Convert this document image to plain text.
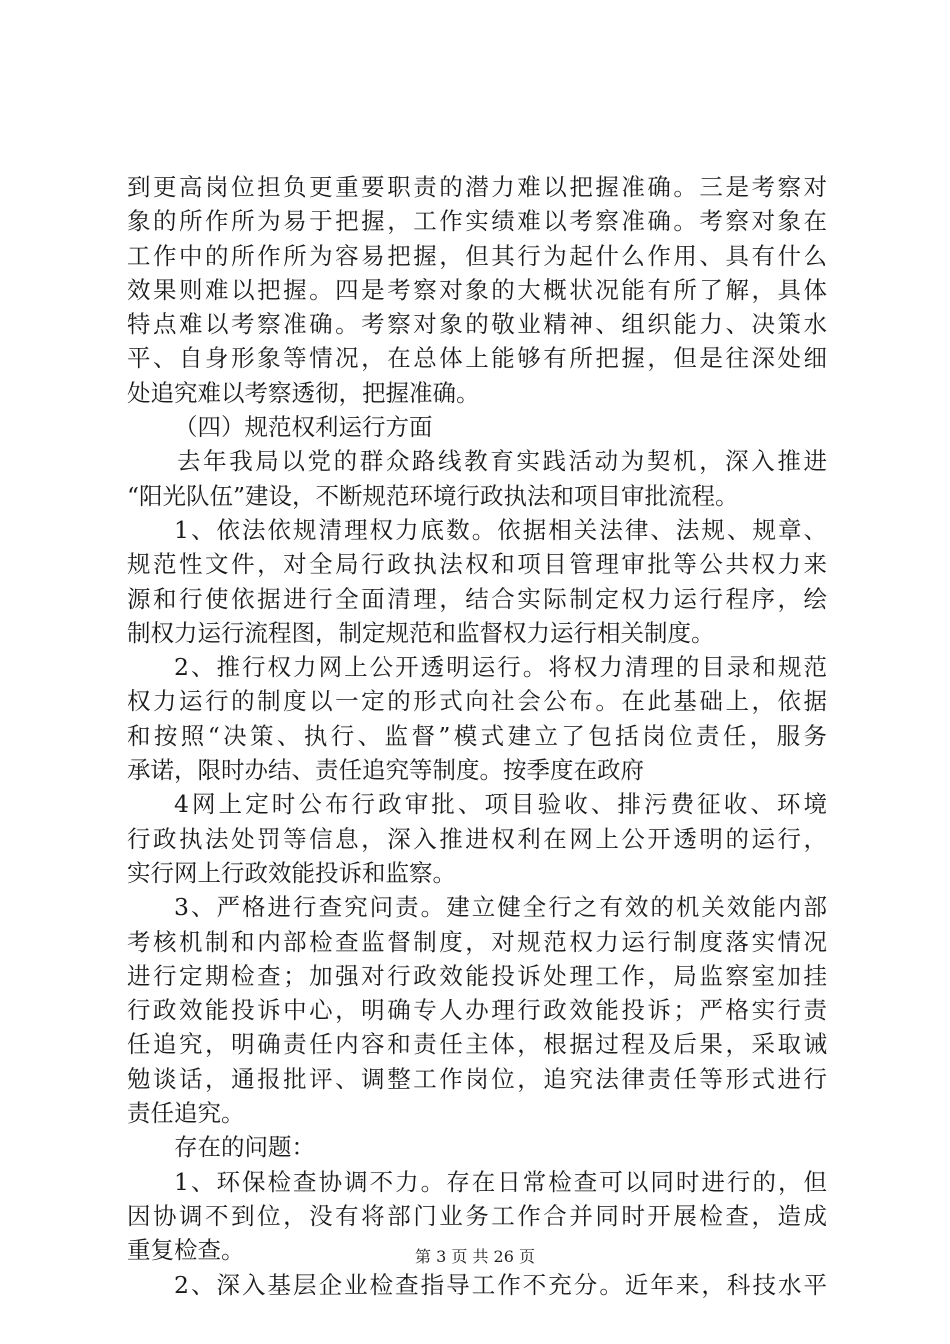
到更高岗位担负更重要职责的潜力难以把握准确。三是考察对
象的所作所为易于把握，工作实绩难以考察准确。考察对象在
工作中的所作所为容易把握，但其行为起什么作用、具有什么
效果则难以把握。四是考察对象的大概状况能有所了解，具体
特点难以考察准确。考察对象的敬业精神、组织能力、决策水
平、自身形象等情况，在总体上能够有所把握，但是往深处细
处追究难以考察透彻，把握准确。
（四）规范权利运行方面
去年我局以党的群众路线教育实践活动为契机，深入推进
“阳光队伍”建设，不断规范环境行政执法和项目审批流程。
1、依法依规清理权力底数。依据相关法律、法规、规章、
规范性文件，对全局行政执法权和项目管理审批等公共权力来
源和行使依据进行全面清理，结合实际制定权力运行程序，绘
制权力运行流程图，制定规范和监督权力运行相关制度。
2、推行权力网上公开透明运行。将权力清理的目录和规范
权力运行的制度以一定的形式向社会公布。在此基础上，依据
和按照“决策、执行、监督”模式建立了包括岗位责任，服务
承诺，限时办结、责任追究等制度。按季度在政府
4网上定时公布行政审批、项目验收、排污费征收、环境
行政执法处罚等信息，深入推进权利在网上公开透明的运行，
实行网上行政效能投诉和监察。
3、严格进行查究问责。建立健全行之有效的机关效能内部
考核机制和内部检查监督制度，对规范权力运行制度落实情况
进行定期检查；加强对行政效能投诉处理工作，局监察室加挂
行政效能投诉中心，明确专人办理行政效能投诉；严格实行责
任追究，明确责任内容和责任主体，根据过程及后果，采取诫
勉谈话，通报批评、调整工作岗位，追究法律责任等形式进行
责任追究。
存在的问题：
1、环保检查协调不力。存在日常检查可以同时进行的，但
因协调不到位，没有将部门业务工作合并同时开展检查，造成
重复检查。
2、深入基层企业检查指导工作不充分。近年来，科技水平
第 3 页 共 26 页
